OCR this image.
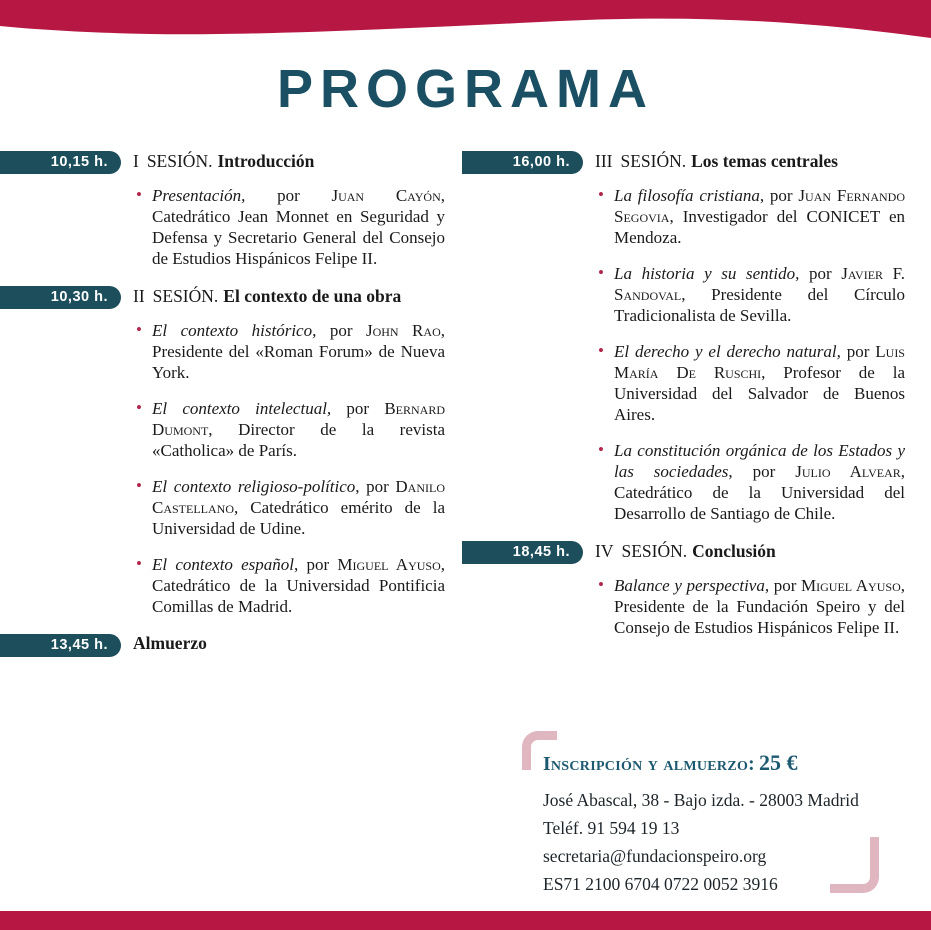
PROGRAMA
10,15 h.	I SESIÓN. Introducción
• Presentación, por Juan Cayón, Catedrático Jean Monnet en Seguridad y Defensa y Secretario General del Consejo de Estudios Hispánicos Felipe II.
10,30 h.	II SESIÓN. El contexto de una obra
• El contexto histórico, por John Rao, Presidente del «Roman Forum» de Nueva York.
• El contexto intelectual, por Bernard Dumont, Director de la revista «Catholica» de París.
• El contexto religioso-político, por Danilo Castellano, Catedrático emérito de la Universidad de Udine.
• El contexto español, por Miguel Ayuso, Catedrático de la Universidad Pontificia Comillas de Madrid.
13,45 h.	Almuerzo
16,00 h.	III SESIÓN. Los temas centrales
• La filosofía cristiana, por Juan Fernando Segovia, Investigador del CONICET en Mendoza.
• La historia y su sentido, por Javier F. Sandoval, Presidente del Círculo Tradicionalista de Sevilla.
• El derecho y el derecho natural, por Luis María De Ruschi, Profesor de la Universidad del Salvador de Buenos Aires.
• La constitución orgánica de los Estados y las sociedades, por Julio Alvear, Catedrático de la Universidad del Desarrollo de Santiago de Chile.
18,45 h.	IV SESIÓN. Conclusión
• Balance y perspectiva, por Miguel Ayuso, Presidente de la Fundación Speiro y del Consejo de Estudios Hispánicos Felipe II.
Inscripción y almuerzo: 25 €
José Abascal, 38 - Bajo izda. - 28003 Madrid
Teléf. 91 594 19 13
secretaria@fundacionspeiro.org
ES71 2100 6704 0722 0052 3916
